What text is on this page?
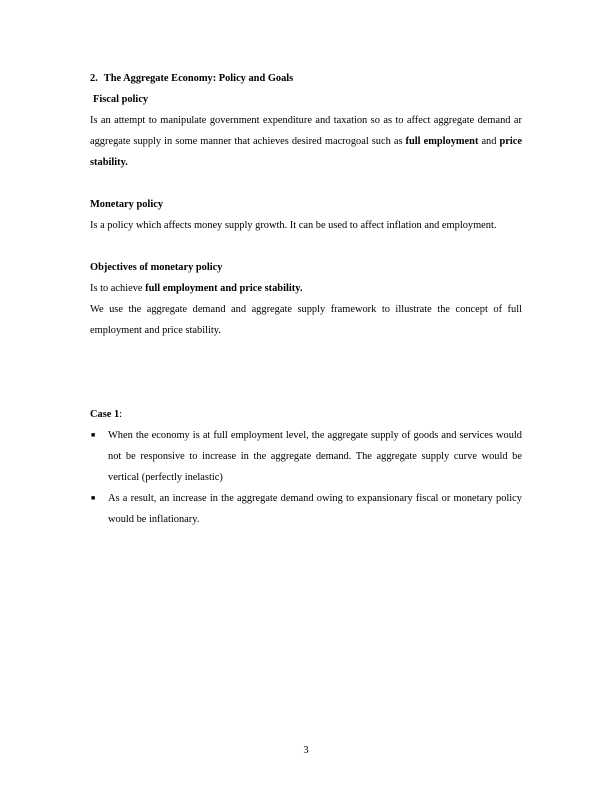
2. The Aggregate Economy: Policy and Goals

Fiscal policy

Is an attempt to manipulate government expenditure and taxation so as to affect aggregate demand ar aggregate supply in some manner that achieves desired macrogoal such as full employment and price stability.

Monetary policy

Is a policy which affects money supply growth. It can be used to affect inflation and employment.

Objectives of monetary policy

Is to achieve full employment and price stability.

We use the aggregate demand and aggregate supply framework to illustrate the concept of full employment and price stability.

Case 1:

■ When the economy is at full employment level, the aggregate supply of goods and services would not be responsive to increase in the aggregate demand. The aggregate supply curve would be vertical (perfectly inelastic)
■ As a result, an increase in the aggregate demand owing to expansionary fiscal or monetary policy would be inflationary.
3
